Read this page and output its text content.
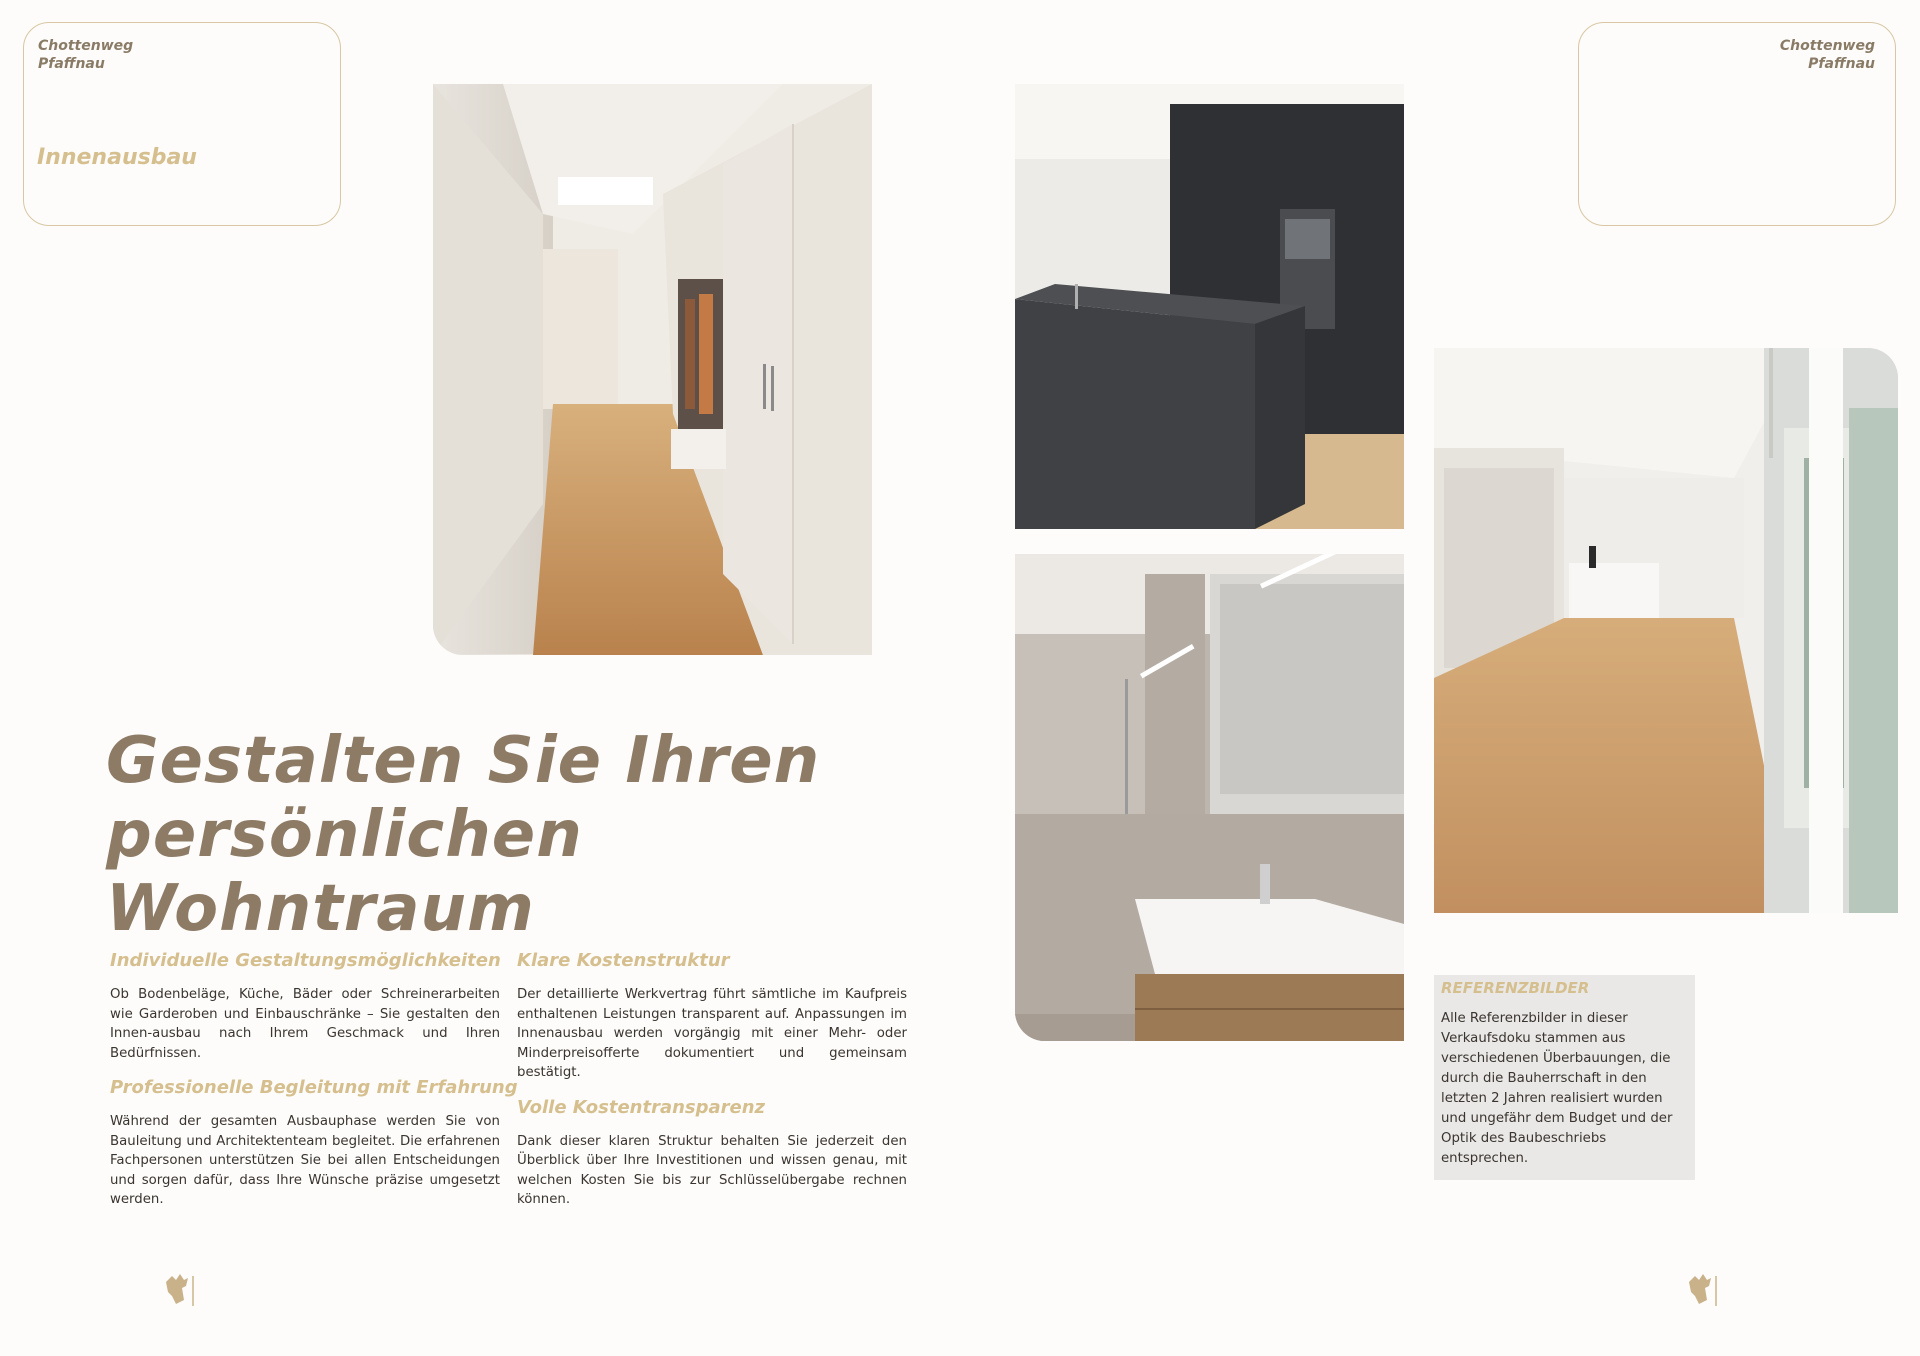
Chottenweg
Pfaffnau
Innenausbau
Chottenweg
Pfaffnau
Gestalten Sie Ihren
persönlichen Wohntraum
Individuelle Gestaltungsmöglichkeiten

Ob Bodenbeläge, Küche, Bäder oder Schreinerarbeiten wie Garderoben und Einbauschränke – Sie gestalten den Innen-ausbau nach Ihrem Geschmack und Ihren Bedürfnissen.

Professionelle Begleitung mit Erfahrung

Während der gesamten Ausbauphase werden Sie von Bauleitung und Architektenteam begleitet. Die erfahrenen Fachpersonen unterstützen Sie bei allen Entscheidungen und sorgen dafür, dass Ihre Wünsche präzise umgesetzt werden.

Klare Kostenstruktur

Der detaillierte Werkvertrag führt sämtliche im Kaufpreis enthaltenen Leistungen transparent auf. Anpassungen im Innenausbau werden vorgängig mit einer Mehr- oder Minderpreisofferte dokumentiert und gemeinsam bestätigt.

Volle Kostentransparenz

Dank dieser klaren Struktur behalten Sie jederzeit den Überblick über Ihre Investitionen und wissen genau, mit welchen Kosten Sie bis zur Schlüsselübergabe rechnen können.

REFERENZBILDER
Alle Referenzbilder in dieser Verkaufsdoku stammen aus verschiedenen Überbauungen, die durch die Bauherrschaft in den letzten 2 Jahren realisiert wurden und ungefähr dem Budget und der Optik des Baubeschriebs entsprechen.
